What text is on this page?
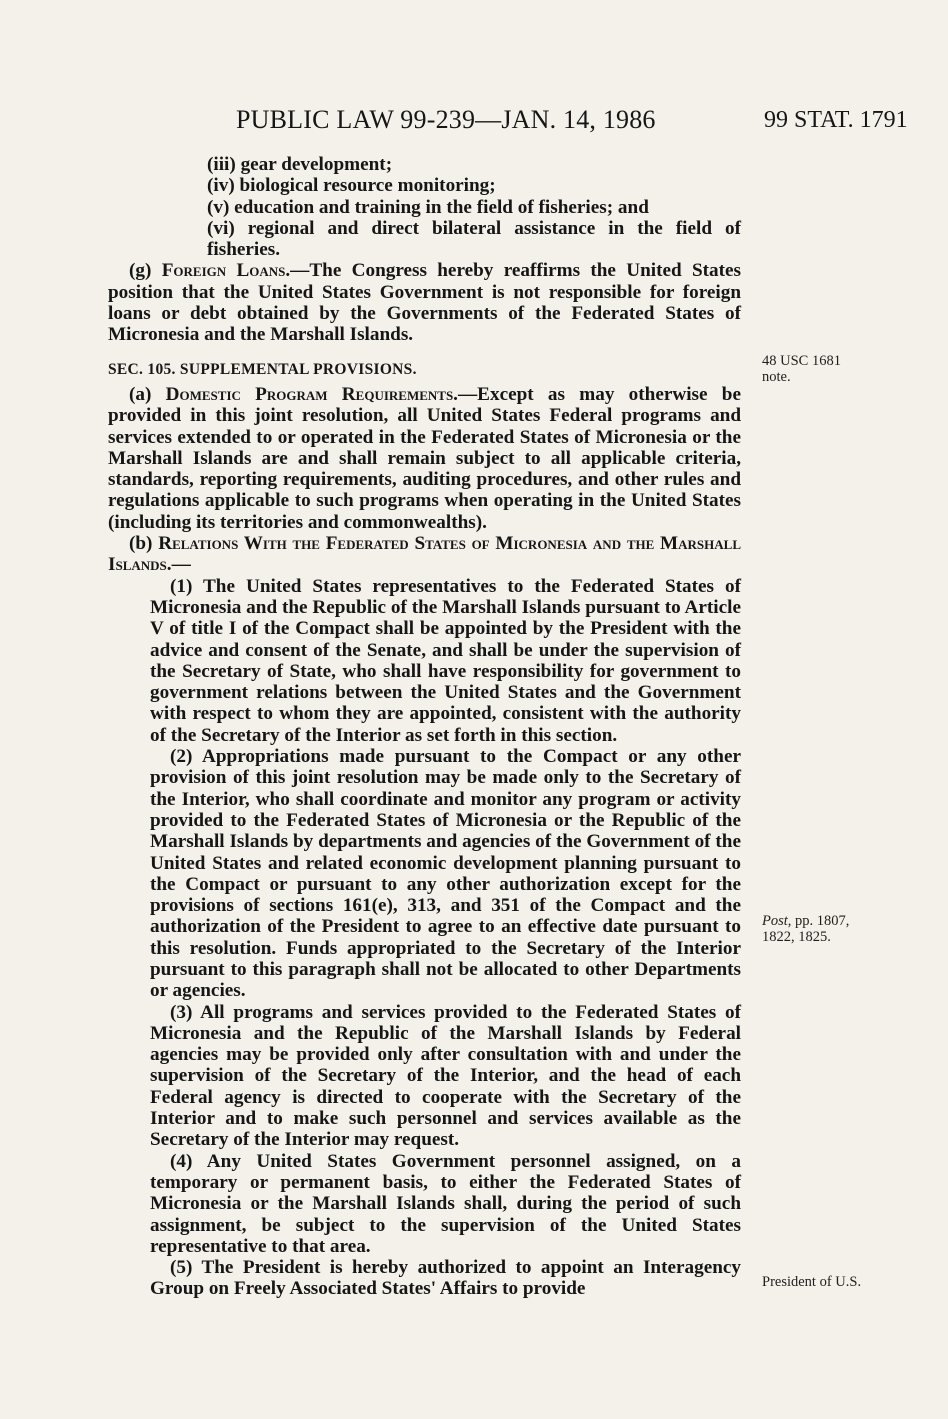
PUBLIC LAW 99-239—JAN. 14, 1986	99 STAT. 1791

(iii) gear development;

(iv) biological resource monitoring;

(v) education and training in the field of fisheries; and

(vi) regional and direct bilateral assistance in the field of fisheries.

(g) Foreign Loans.—The Congress hereby reaffirms the United States position that the United States Government is not responsible for foreign loans or debt obtained by the Governments of the Federated States of Micronesia and the Marshall Islands.

SEC. 105. SUPPLEMENTAL PROVISIONS.

(a) Domestic Program Requirements.—Except as may otherwise be provided in this joint resolution, all United States Federal programs and services extended to or operated in the Federated States of Micronesia or the Marshall Islands are and shall remain subject to all applicable criteria, standards, reporting requirements, auditing procedures, and other rules and regulations applicable to such programs when operating in the United States (including its territories and commonwealths).

(b) Relations With the Federated States of Micronesia and the Marshall Islands.—

(1) The United States representatives to the Federated States of Micronesia and the Republic of the Marshall Islands pursuant to Article V of title I of the Compact shall be appointed by the President with the advice and consent of the Senate, and shall be under the supervision of the Secretary of State, who shall have responsibility for government to government relations between the United States and the Government with respect to whom they are appointed, consistent with the authority of the Secretary of the Interior as set forth in this section.

(2) Appropriations made pursuant to the Compact or any other provision of this joint resolution may be made only to the Secretary of the Interior, who shall coordinate and monitor any program or activity provided to the Federated States of Micronesia or the Republic of the Marshall Islands by departments and agencies of the Government of the United States and related economic development planning pursuant to the Compact or pursuant to any other authorization except for the provisions of sections 161(e), 313, and 351 of the Compact and the authorization of the President to agree to an effective date pursuant to this resolution. Funds appropriated to the Secretary of the Interior pursuant to this paragraph shall not be allocated to other Departments or agencies.

(3) All programs and services provided to the Federated States of Micronesia and the Republic of the Marshall Islands by Federal agencies may be provided only after consultation with and under the supervision of the Secretary of the Interior, and the head of each Federal agency is directed to cooperate with the Secretary of the Interior and to make such personnel and services available as the Secretary of the Interior may request.

(4) Any United States Government personnel assigned, on a temporary or permanent basis, to either the Federated States of Micronesia or the Marshall Islands shall, during the period of such assignment, be subject to the supervision of the United States representative to that area.

(5) The President is hereby authorized to appoint an Interagency Group on Freely Associated States' Affairs to provide

48 USC 1681
note.
Post, pp. 1807,
1822, 1825.
President of U.S.
